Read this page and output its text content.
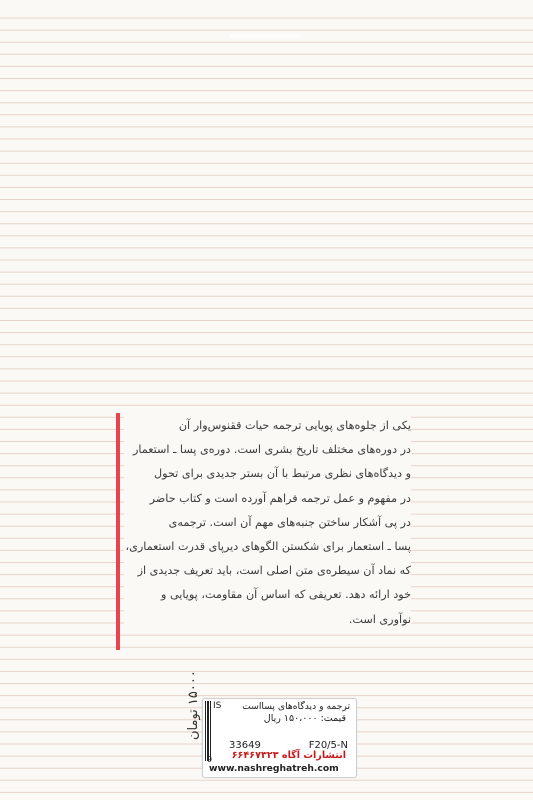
یکی از جلوه‌های پویایی ترجمه حیات ققنوس‌وار آن
در دوره‌های مختلف تاریخ بشری است. دوره‌ی پسا ـ استعمار
و دیدگاه‌های نظری مرتبط با آن بستر جدیدی برای تحول
در مفهوم و عمل ترجمه فراهم آورده است و کتاب حاضر
در پی آشکار ساختن جنبه‌های مهم آن است. ترجمه‌ی
پسا ـ استعمار برای شکستن الگوهای دیرپای قدرت استعماری،
که نماد آن سیطره‌ی متن اصلی است، باید تعریف جدیدی از
خود ارائه دهد. تعریفی که اساس آن مقاومت، پویایی و
نوآوری است.
۱۵۰۰۰ تومان
IS ترجمه و دیدگاه‌های پسااست
قیمت: ۱۵۰،۰۰۰ ریال
33649	F20/5-N
انتشارات آگاه ۶۶۴۶۷۳۲۳
9
www.nashreghatreh.com
